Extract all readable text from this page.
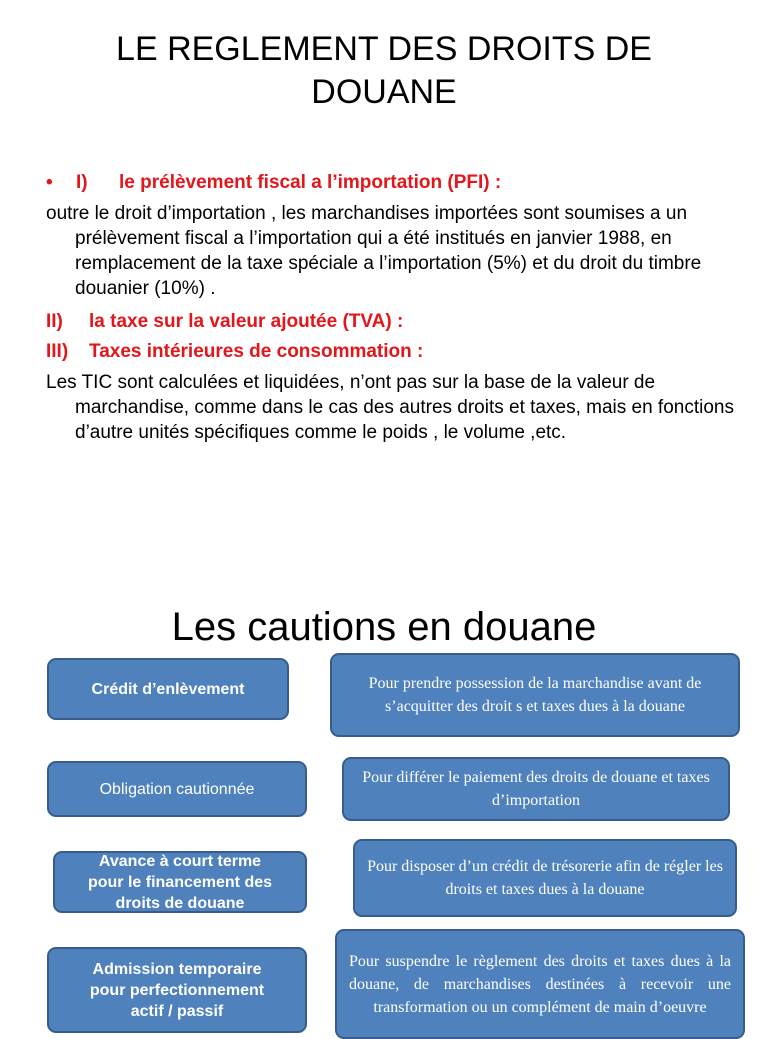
LE REGLEMENT DES DROITS DE
DOUANE

• I) le prélèvement fiscal a l’importation (PFI) :

outre le droit d’importation , les marchandises importées sont soumises a un prélèvement fiscal a l’importation qui a été institués en janvier 1988, en remplacement de la taxe spéciale a l’importation (5%) et du droit du timbre douanier (10%) .

II) la taxe sur la valeur ajoutée (TVA) :

III) Taxes intérieures de consommation :

Les TIC sont calculées et liquidées, n’ont pas sur la base de la valeur de marchandise, comme dans le cas des autres droits et taxes, mais en fonctions d’autre unités spécifiques comme le poids , le volume ,etc.

Les cautions en douane
Crédit d’enlèvement	Pour prendre possession de la marchandise avant de s’acquitter des droit s et taxes dues à la douane
Obligation cautionnée
Pour différer le paiement des droits de douane et taxes d’importation
Avance à court terme pour le financement des droits de douane
Pour disposer d’un crédit de trésorerie afin de régler les droits et taxes dues à la douane
Admission temporaire pour perfectionnement actif / passif
Pour suspendre le règlement des droits et taxes dues à la douane, de marchandises destinées à recevoir une transformation ou un complément de main d’oeuvre
